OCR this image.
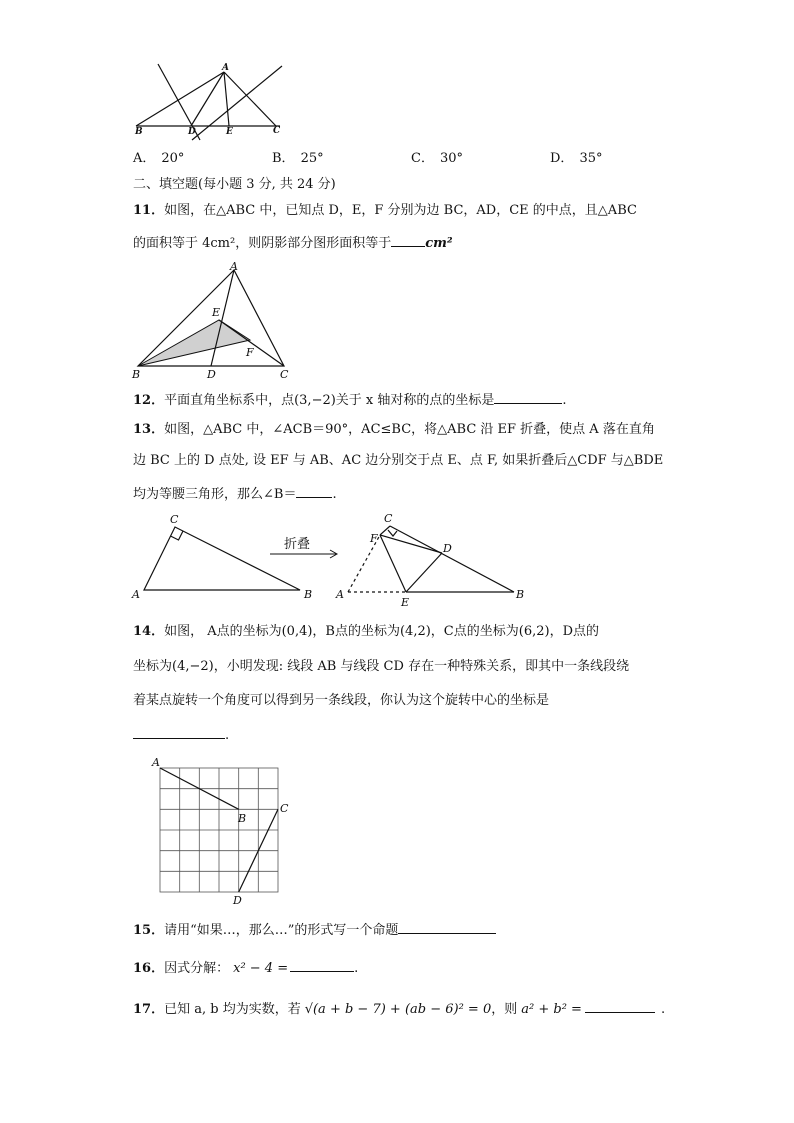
A
B	D	E	C
A． 20°	B． 25°	C． 30°	D． 35°
二、填空题(每小题 3 分, 共 24 分)
11．如图，在△ABC 中，已知点 D，E，F 分别为边 BC，AD，CE 的中点，且△ABC
的面积等于 4cm²，则阴影部分图形面积等于	cm²
A
B	C
D
E
F
12．平面直角坐标系中，点(3,−2)关于 x 轴对称的点的坐标是	.
13．如图，△ABC 中，∠ACB＝90°，AC≤BC，将△ABC 沿 EF 折叠，使点 A 落在直角
边 BC 上的 D 点处, 设 EF 与 AB、AC 边分别交于点 E、点 F, 如果折叠后△CDF 与△BDE
均为等腰三角形，那么∠B＝	.
A	B
C
折叠
A	B
C
D
E
F
14．如图， A点的坐标为(0,4)，B点的坐标为(4,2)，C点的坐标为(6,2)，D点的
坐标为(4,−2)，小明发现: 线段 AB 与线段 CD 存在一种特殊关系，即其中一条线段绕
着某点旋转一个角度可以得到另一条线段，你认为这个旋转中心的坐标是
.
A
B
C
D
15．请用“如果…，那么…”的形式写一个命题
16．因式分解： x² − 4 =	.
17．已知 a, b 均为实数，若 √(a + b − 7) + (ab − 6)² = 0，则 a² + b² =	.
